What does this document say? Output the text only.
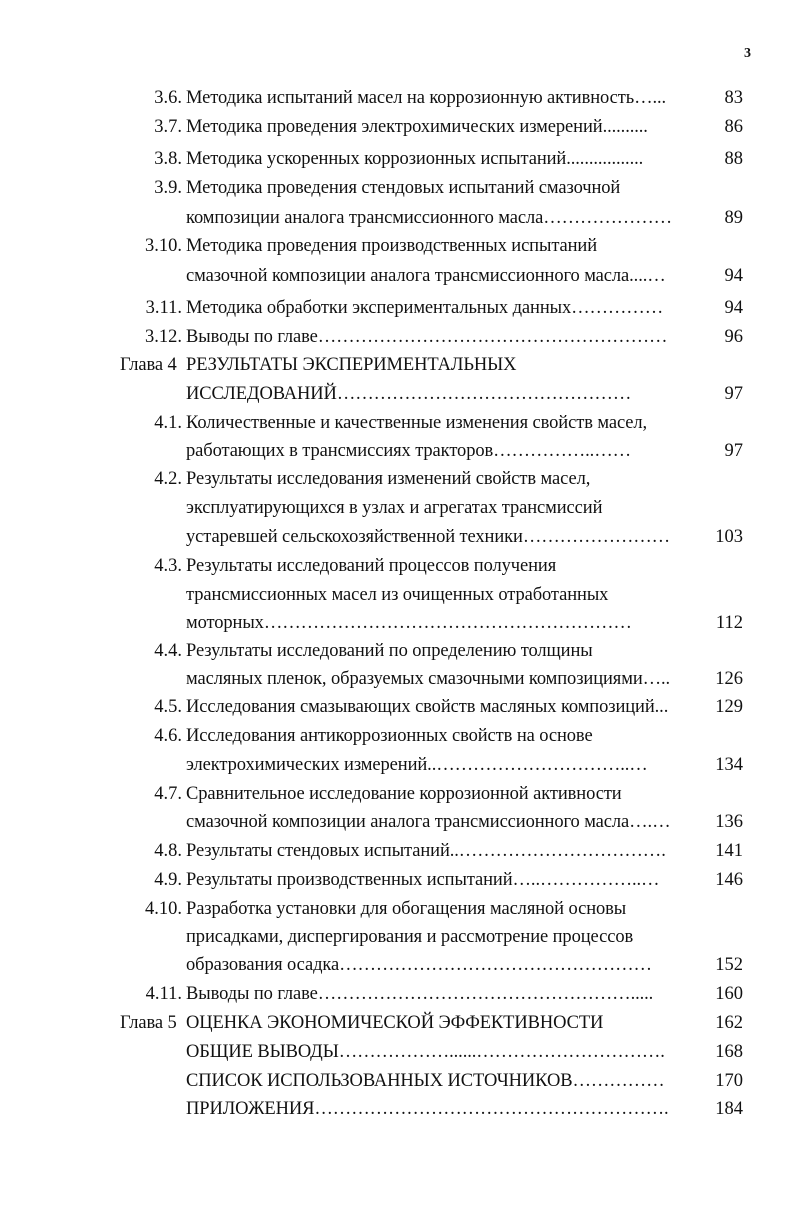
3
3.6. Методика испытаний масел на коррозионную активность…...	83
3.7. Методика проведения электрохимических измерений..........	86
3.8. Методика ускоренных коррозионных испытаний.................	88
3.9. Методика проведения стендовых испытаний смазочной
композиции аналога трансмиссионного масла…………………	89
3.10. Методика проведения производственных испытаний
смазочной композиции аналога трансмиссионного масла....…	94
3.11. Методика обработки экспериментальных данных……………	94
3.12. Выводы по главе…………………………………………………	96
Глава 4 РЕЗУЛЬТАТЫ ЭКСПЕРИМЕНТАЛЬНЫХ
ИССЛЕДОВАНИЙ…………………………………………	97
4.1. Количественные и качественные изменения свойств масел,
работающих в трансмиссиях тракторов……………..……	97
4.2. Результаты исследования изменений свойств масел,
эксплуатирующихся в узлах и агрегатах трансмиссий
устаревшей сельскохозяйственной техники……………………	103
4.3. Результаты исследований процессов получения
трансмиссионных масел из очищенных отработанных
моторных……………………………………………………	112
4.4. Результаты исследований по определению толщины
масляных пленок, образуемых смазочными композициями…..	126
4.5. Исследования смазывающих свойств масляных композиций...	129
4.6. Исследования антикоррозионных свойств на основе
электрохимических измерений..…………………………..…	134
4.7. Сравнительное исследование коррозионной активности
смазочной композиции аналога трансмиссионного масла….…	136
4.8. Результаты стендовых испытаний..…………………………….	141
4.9. Результаты производственных испытаний…..……………..…	146
4.10. Разработка установки для обогащения масляной основы
присадками, диспергирования и рассмотрение процессов
образования осадка……………………………………………	152
4.11. Выводы по главе…………………………………………….....	160
Глава 5 ОЦЕНКА ЭКОНОМИЧЕСКОЙ ЭФФЕКТИВНОСТИ	162
ОБЩИЕ ВЫВОДЫ………………......………………………….	168
СПИСОК ИСПОЛЬЗОВАННЫХ ИСТОЧНИКОВ……………	170
ПРИЛОЖЕНИЯ………………………………………………….	184
